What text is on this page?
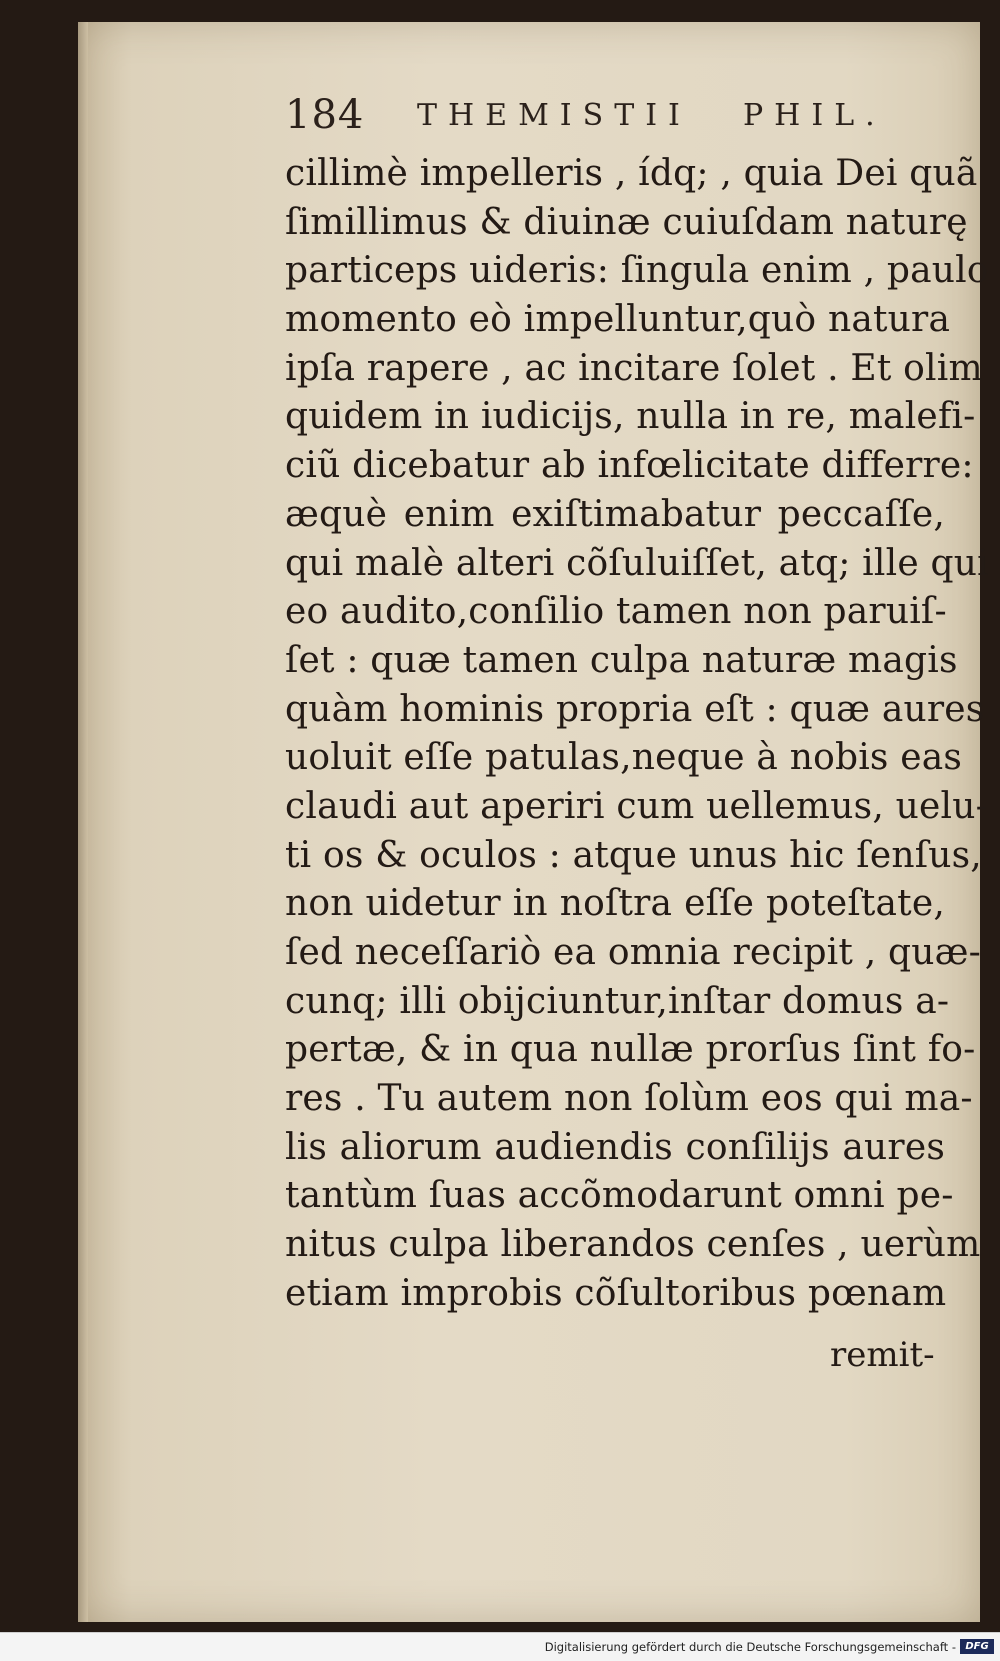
184 THEMISTII PHIL.
cillimè impelleris , ídq; , quia Dei quã
ſimillimus & diuinæ cuiuſdam naturę
particeps uideris: ſingula enim , paulo
momento eò impelluntur,quò natura
ipſa rapere , ac incitare ſolet . Et olim
quidem in iudicijs, nulla in re, malefi-
ciũ dicebatur ab infœlicitate differre:
æquè enim exiſtimabatur peccaſſe,
qui malè alteri cõſuluiſſet, atq; ille qui
eo audito,conſilio tamen non paruiſ-
ſet : quæ tamen culpa naturæ magis
quàm hominis propria eſt : quæ aures
uoluit eſſe patulas,neque à nobis eas
claudi aut aperiri cum uellemus, uelu-
ti os & oculos : atque unus hic ſenſus,
non uidetur in noſtra eſſe poteſtate,
ſed neceſſariò ea omnia recipit , quæ-
cunq; illi obijciuntur,inſtar domus a-
pertæ, & in qua nullæ prorſus ſint fo-
res . Tu autem non ſolùm eos qui ma-
lis aliorum audiendis conſilijs aures
tantùm ſuas accõmodarunt omni pe-
nitus culpa liberandos cenſes , uerùm
etiam improbis cõſultoribus pœnam
remit-
Digitalisierung gefördert durch die Deutsche Forschungsgemeinschaft - DFG
